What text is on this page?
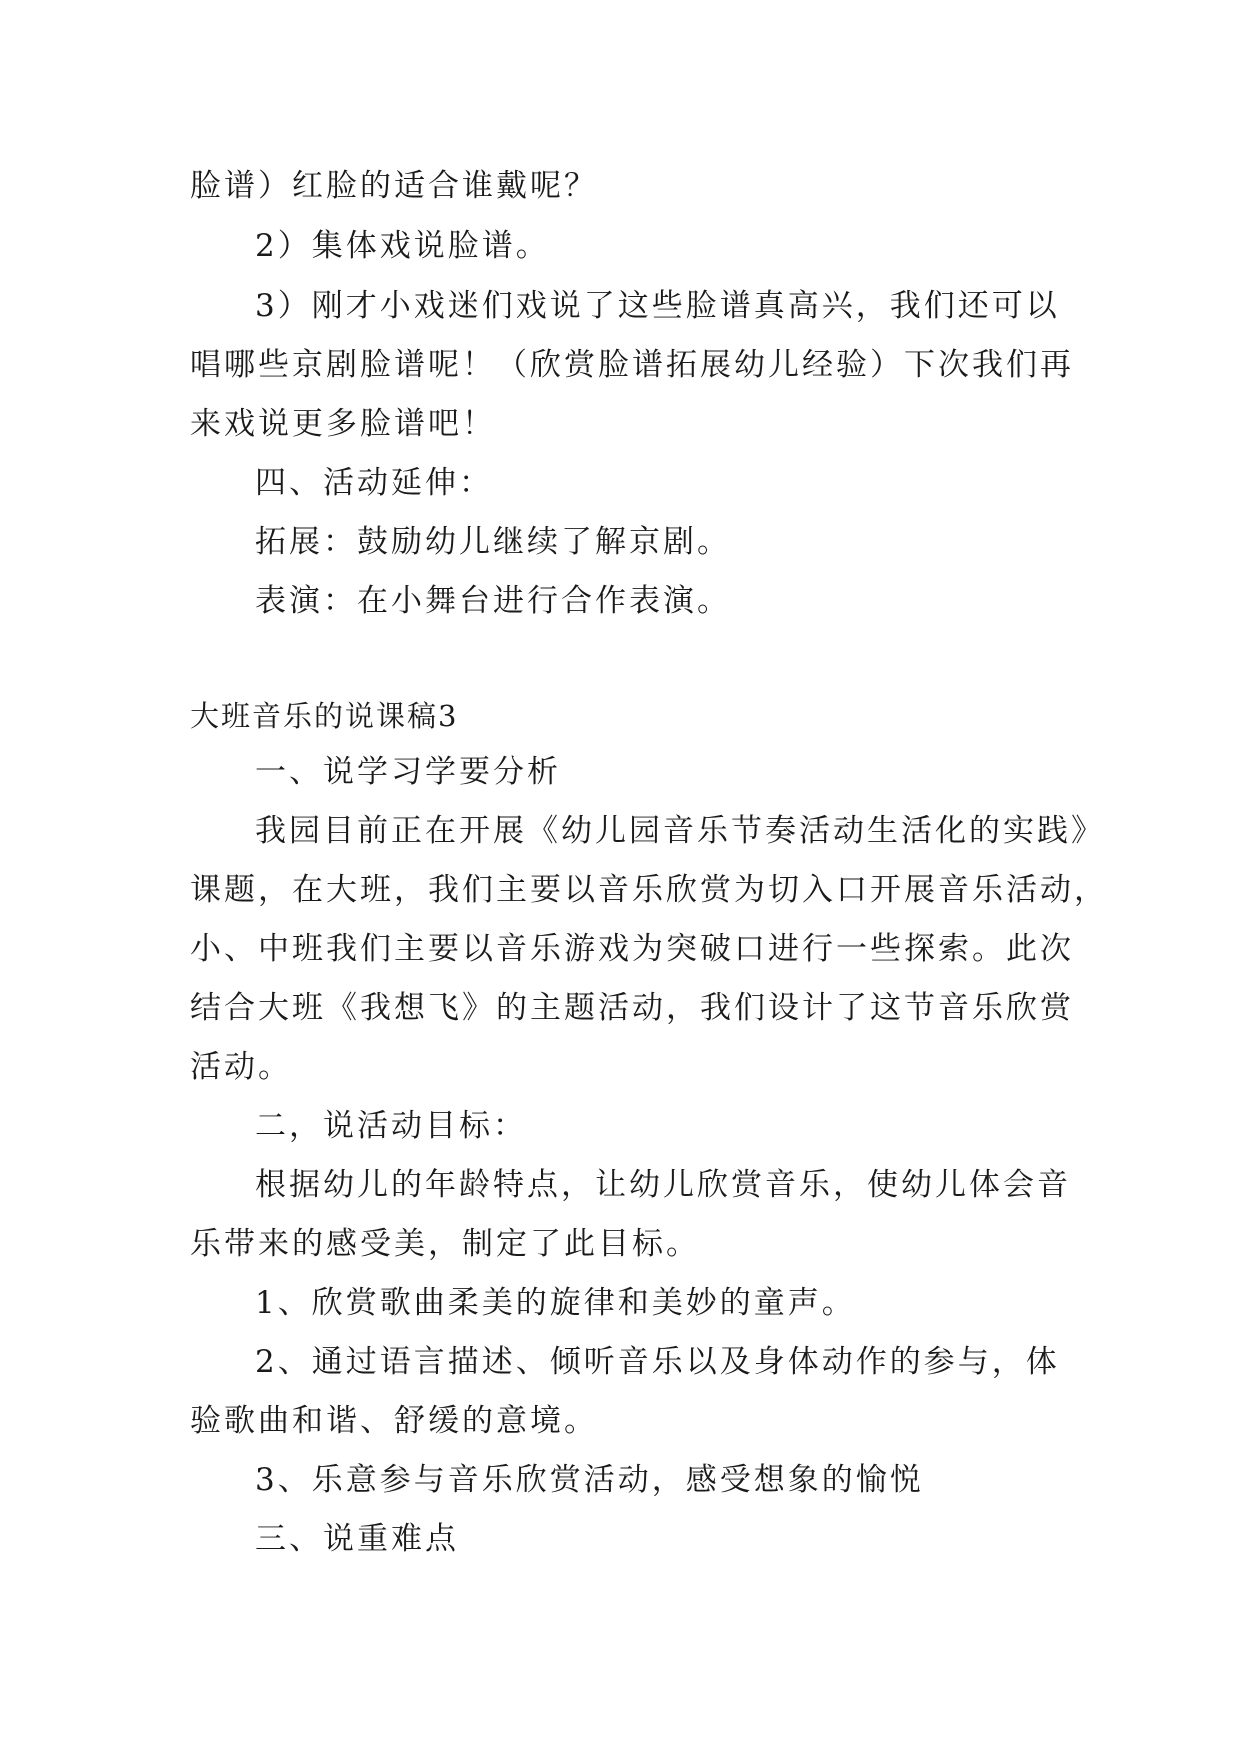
脸谱）红脸的适合谁戴呢？
2）集体戏说脸谱。
3）刚才小戏迷们戏说了这些脸谱真高兴，我们还可以
唱哪些京剧脸谱呢！（欣赏脸谱拓展幼儿经验）下次我们再
来戏说更多脸谱吧！
四、活动延伸：
拓展：鼓励幼儿继续了解京剧。
表演：在小舞台进行合作表演。
大班音乐的说课稿3
一、说学习学要分析
我园目前正在开展《幼儿园音乐节奏活动生活化的实践》
课题，在大班，我们主要以音乐欣赏为切入口开展音乐活动，
小、中班我们主要以音乐游戏为突破口进行一些探索。此次
结合大班《我想飞》的主题活动，我们设计了这节音乐欣赏
活动。
二，说活动目标：
根据幼儿的年龄特点，让幼儿欣赏音乐，使幼儿体会音
乐带来的感受美，制定了此目标。
1、欣赏歌曲柔美的旋律和美妙的童声。
2、通过语言描述、倾听音乐以及身体动作的参与，体
验歌曲和谐、舒缓的意境。
3、乐意参与音乐欣赏活动，感受想象的愉悦
三、说重难点
